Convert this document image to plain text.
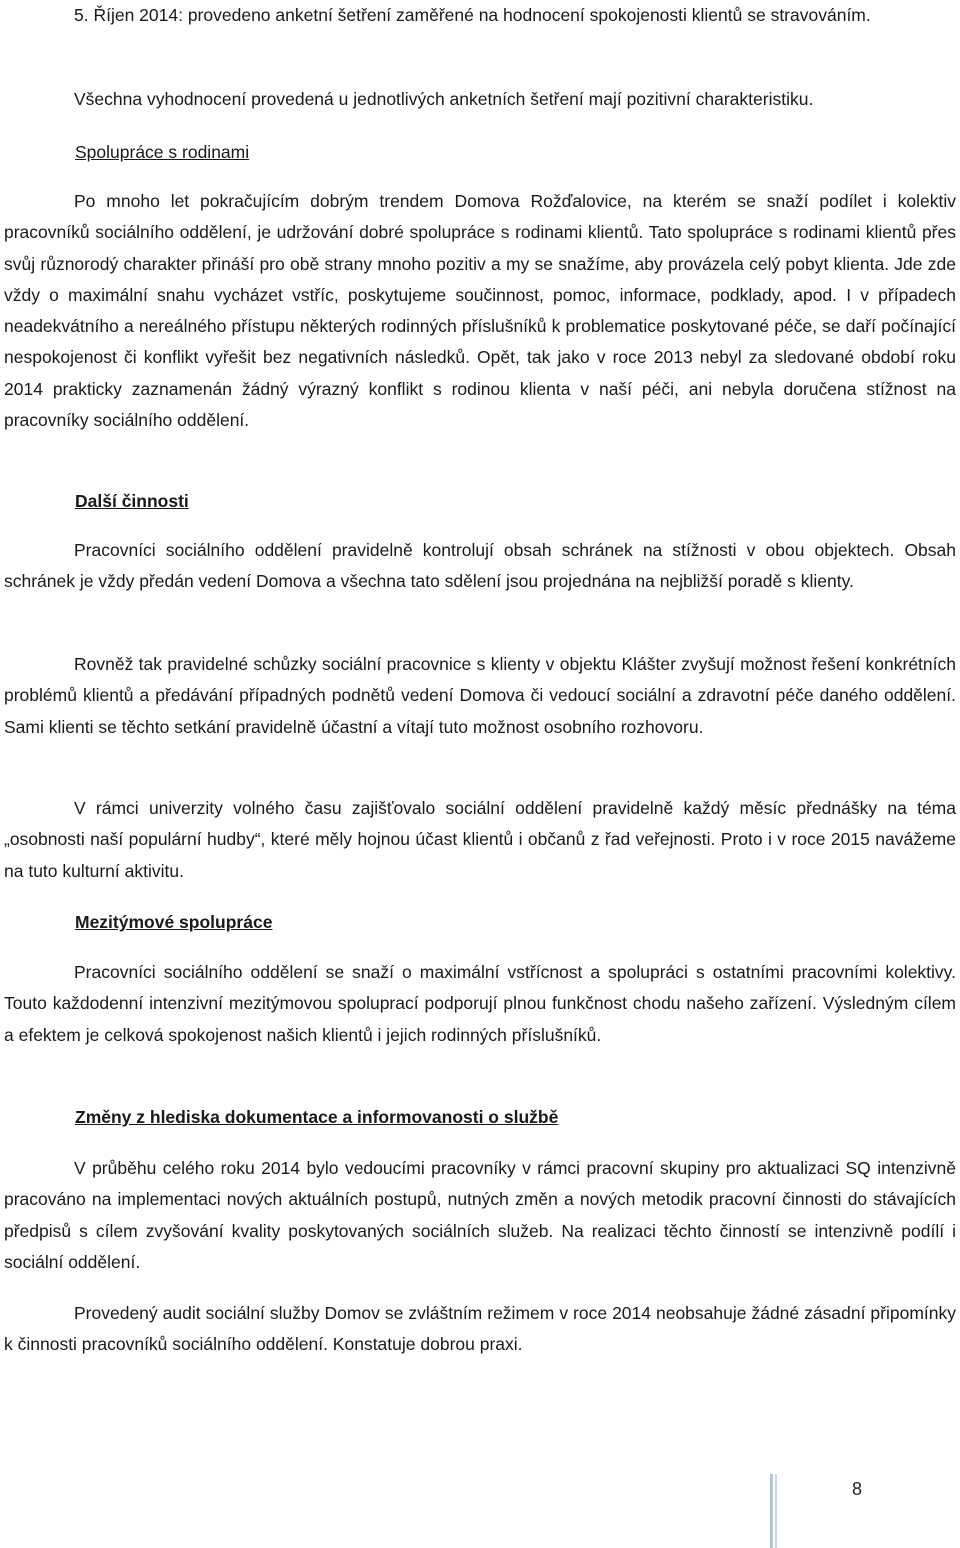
5. Říjen 2014: provedeno anketní šetření zaměřené na hodnocení spokojenosti klientů se stravováním.

Všechna vyhodnocení provedená u jednotlivých anketních šetření mají pozitivní charakteristiku.

Spolupráce s rodinami

Po mnoho let pokračujícím dobrým trendem Domova Rožďalovice, na kterém se snaží podílet i kolektiv pracovníků sociálního oddělení, je udržování dobré spolupráce s rodinami klientů. Tato spolupráce s rodinami klientů přes svůj různorodý charakter přináší pro obě strany mnoho pozitiv a my se snažíme, aby provázela celý pobyt klienta. Jde zde vždy o maximální snahu vycházet vstříc, poskytujeme součinnost, pomoc, informace, podklady, apod. I v případech neadekvátního a nereálného přístupu některých rodinných příslušníků k problematice poskytované péče, se daří počínající nespokojenost či konflikt vyřešit bez negativních následků. Opět, tak jako v roce 2013 nebyl za sledované období roku 2014 prakticky zaznamenán žádný výrazný konflikt s rodinou klienta v naší péči, ani nebyla doručena stížnost na pracovníky sociálního oddělení.

Další činnosti

Pracovníci sociálního oddělení pravidelně kontrolují obsah schránek na stížnosti v obou objektech. Obsah schránek je vždy předán vedení Domova a všechna tato sdělení jsou projednána na nejbližší poradě s klienty.

Rovněž tak pravidelné schůzky sociální pracovnice s klienty v objektu Klášter zvyšují možnost řešení konkrétních problémů klientů a předávání případných podnětů vedení Domova či vedoucí sociální a zdravotní péče daného oddělení. Sami klienti se těchto setkání pravidelně účastní a vítají tuto možnost osobního rozhovoru.

V rámci univerzity volného času zajišťovalo sociální oddělení pravidelně každý měsíc přednášky na téma „osobnosti naší populární hudby“, které měly hojnou účast klientů i občanů z řad veřejnosti. Proto i v roce 2015 navážeme na tuto kulturní aktivitu.

Mezitýmové spolupráce

Pracovníci sociálního oddělení se snaží o maximální vstřícnost a spolupráci s ostatními pracovními kolektivy. Touto každodenní intenzivní mezitýmovou spoluprací podporují plnou funkčnost chodu našeho zařízení. Výsledným cílem a efektem je celková spokojenost našich klientů i jejich rodinných příslušníků.

Změny z hlediska dokumentace a informovanosti o službě

V průběhu celého roku 2014 bylo vedoucími pracovníky v rámci pracovní skupiny pro aktualizaci SQ intenzivně pracováno na implementaci nových aktuálních postupů, nutných změn a nových metodik pracovní činnosti do stávajících předpisů s cílem zvyšování kvality poskytovaných sociálních služeb. Na realizaci těchto činností se intenzivně podílí i sociální oddělení.

Provedený audit sociální služby Domov se zvláštním režimem v roce 2014 neobsahuje žádné zásadní připomínky k činnosti pracovníků sociálního oddělení. Konstatuje dobrou praxi.

8
